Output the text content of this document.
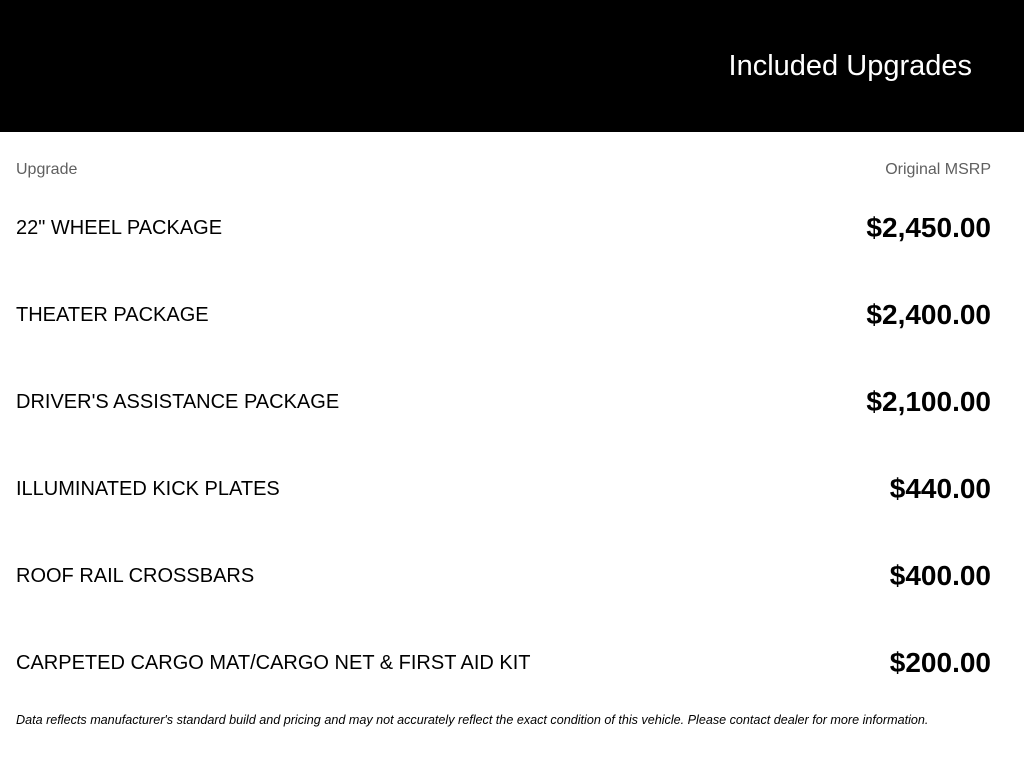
Included Upgrades
Upgrade	Original MSRP
22" WHEEL PACKAGE	$2,450.00
THEATER PACKAGE	$2,400.00
DRIVER'S ASSISTANCE PACKAGE	$2,100.00
ILLUMINATED KICK PLATES	$440.00
ROOF RAIL CROSSBARS	$400.00
CARPETED CARGO MAT/CARGO NET & FIRST AID KIT	$200.00
Data reflects manufacturer's standard build and pricing and may not accurately reflect the exact condition of this vehicle. Please contact dealer for more information.
